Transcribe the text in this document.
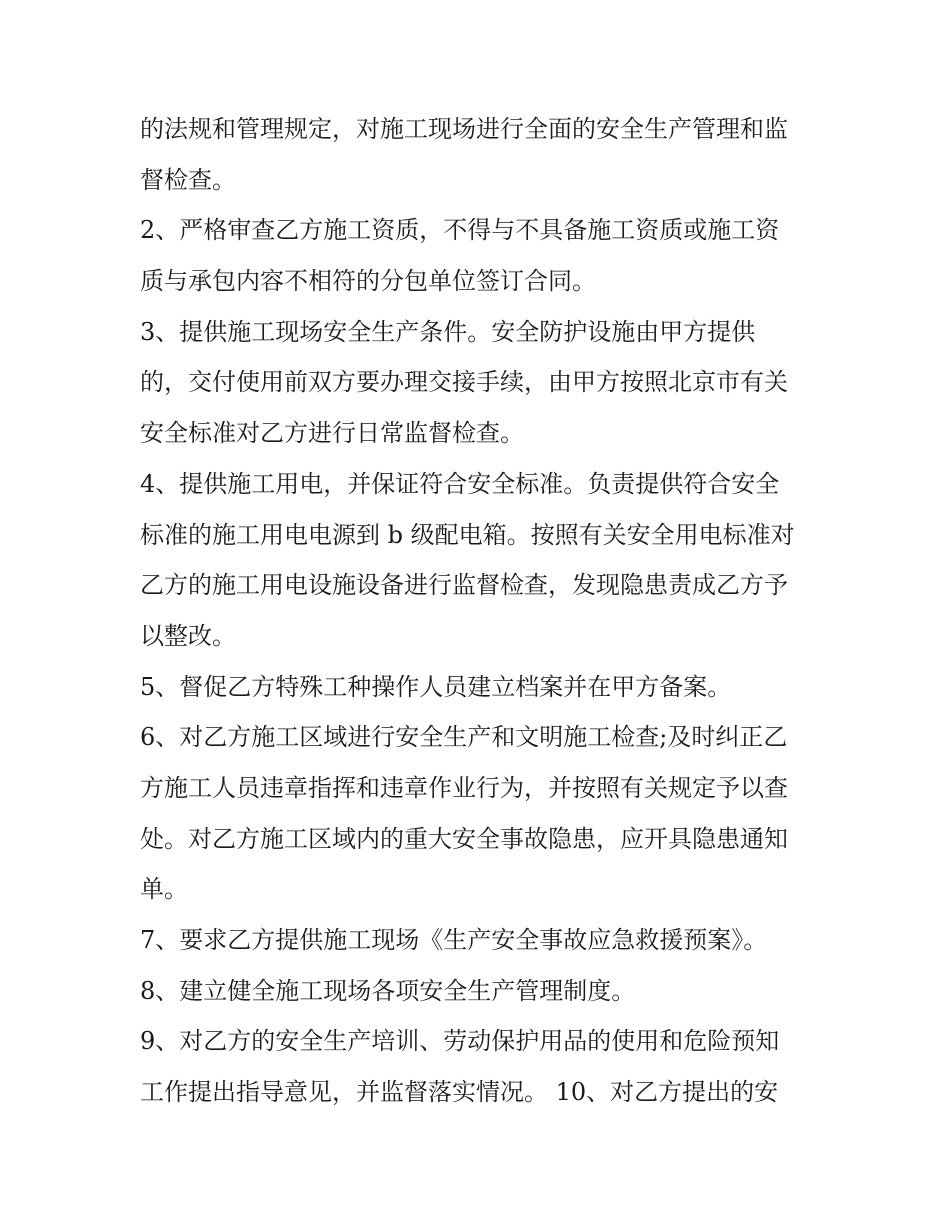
的法规和管理规定，对施工现场进行全面的安全生产管理和监
督检查。
2、严格审查乙方施工资质，不得与不具备施工资质或施工资
质与承包内容不相符的分包单位签订合同。
3、提供施工现场安全生产条件。安全防护设施由甲方提供
的，交付使用前双方要办理交接手续，由甲方按照北京市有关
安全标准对乙方进行日常监督检查。
4、提供施工用电，并保证符合安全标准。负责提供符合安全
标准的施工用电电源到 b 级配电箱。按照有关安全用电标准对
乙方的施工用电设施设备进行监督检查，发现隐患责成乙方予
以整改。
5、督促乙方特殊工种操作人员建立档案并在甲方备案。
6、对乙方施工区域进行安全生产和文明施工检查;及时纠正乙
方施工人员违章指挥和违章作业行为，并按照有关规定予以查
处。对乙方施工区域内的重大安全事故隐患，应开具隐患通知
单。
7、要求乙方提供施工现场《生产安全事故应急救援预案》。
8、建立健全施工现场各项安全生产管理制度。
9、对乙方的安全生产培训、劳动保护用品的使用和危险预知
工作提出指导意见，并监督落实情况。 10、对乙方提出的安
